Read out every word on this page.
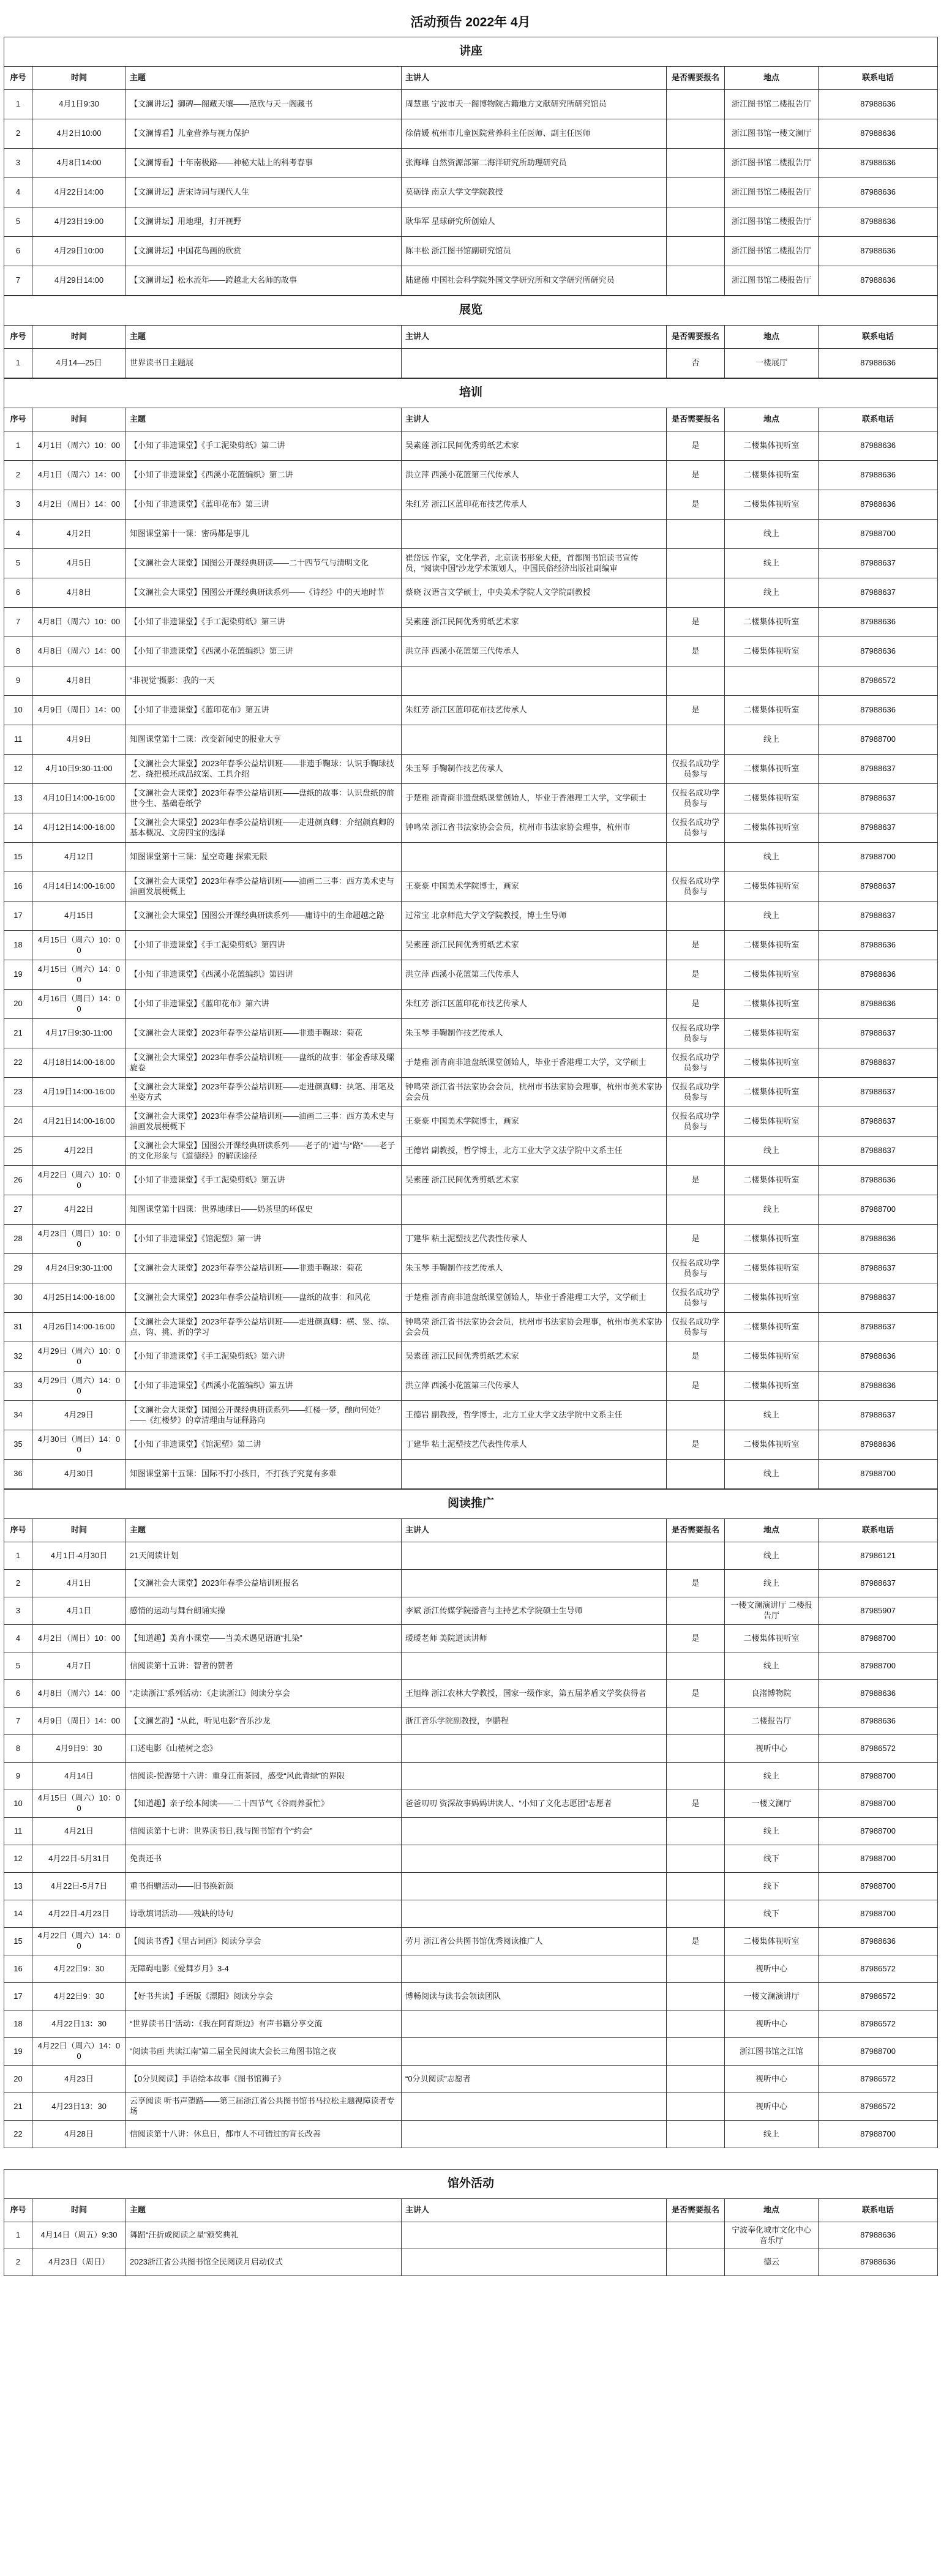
活动预告 2022年 4月
讲座						
序号	时间	主题	主讲人	是否需要报名	地点	联系电话
1	4月1日9:30	【文澜讲坛】御碑—阁藏天壤——范欣与天一阁藏书	周慧惠 宁波市天一阁博物院古籍地方文献研究所研究馆员		浙江图书馆二楼报告厅	87988636
2	4月2日10:00	【文澜博看】儿童营养与视力保护	徐倩媛 杭州市儿童医院营养科主任医师、副主任医师		浙江图书馆一楼文澜厅	87988636
3	4月8日14:00	【文澜博看】十年南极路——神秘大陆上的科考春事	张海峰 自然资源部第二海洋研究所助理研究员		浙江图书馆二楼报告厅	87988636
4	4月22日14:00	【文澜讲坛】唐宋诗词与现代人生	莫砺锋 南京大学文学院教授		浙江图书馆二楼报告厅	87988636
5	4月23日19:00	【文澜讲坛】用地理，打开视野	耿华军 星球研究所创始人		浙江图书馆二楼报告厅	87988636
6	4月29日10:00	【文澜讲坛】中国花鸟画的欣赏	陈丰松 浙江图书馆副研究馆员		浙江图书馆二楼报告厅	87988636
7	4月29日14:00	【文澜讲坛】松水流年——跨越北大名师的故事	陆建德 中国社会科学院外国文学研究所和文学研究所研究员		浙江图书馆二楼报告厅	87988636
展览						
序号	时间	主题	主讲人	是否需要报名	地点	联系电话
1	4月14—25日	世界读书日主题展		否	一楼展厅	87988636
培训						
序号	时间	主题	主讲人	是否需要报名	地点	联系电话
1	4月1日（周六）10：00	【小知了非遗课堂】《手工泥染剪纸》第二讲	吴素莲 浙江民间优秀剪纸艺术家	是	二楼集体视听室	87988636
2	4月1日（周六）14：00	【小知了非遗课堂】《西溪小花篮编织》第二讲	洪立萍 西溪小花篮第三代传承人	是	二楼集体视听室	87988636
3	4月2日（周日）14：00	【小知了非遗课堂】《蓝印花布》第三讲	朱红芳 浙江区蓝印花布技艺传承人	是	二楼集体视听室	87988636
4	4月2日	知图课堂第十一课：密码都是事儿			线上	87988700
5	4月5日	【文澜社会大课堂】国图公开课经典研读——二十四节气与清明文化	崔岱远 作家，文化学者，北京读书形象大使，首都图书馆读书宣传员，“阅读中国”沙龙学术策划人，中国民俗经济出版社副编审		线上	87988637
6	4月8日	【文澜社会大课堂】国图公开课经典研读系列——《诗经》中的天地时节	蔡晓 汉语言文学硕士，中央美术学院人文学院副教授		线上	87988637
7	4月8日（周六）10：00	【小知了非遗课堂】《手工泥染剪纸》第三讲	吴素莲 浙江民间优秀剪纸艺术家	是	二楼集体视听室	87988636
8	4月8日（周六）14：00	【小知了非遗课堂】《西溪小花篮编织》第三讲	洪立萍 西溪小花篮第三代传承人	是	二楼集体视听室	87988636
9	4月8日	“非视觉”摄影：我的一天				87986572
10	4月9日（周日）14：00	【小知了非遗课堂】《蓝印花布》第五讲	朱红芳 浙江区蓝印花布技艺传承人	是	二楼集体视听室	87988636
11	4月9日	知图课堂第十二课：改变新闻史的报业大亨			线上	87988700
12	4月10日9:30-11:00	【文澜社会大课堂】2023年春季公益培训班——非遗手鞠球：认识手鞠球技艺、绕把模坯成品纹案、工具介绍	朱玉琴 手鞠制作技艺传承人	仅报名成功学员参与	二楼集体视听室	87988637
13	4月10日14:00-16:00	【文澜社会大课堂】2023年春季公益培训班——盘纸的故事：认识盘纸的前世今生、基础卷纸学	于楚雅 浙青商非遗盘纸课堂创始人，毕业于香港理工大学，文学硕士	仅报名成功学员参与	二楼集体视听室	87988637
14	4月12日14:00-16:00	【文澜社会大课堂】2023年春季公益培训班——走进颜真卿：介绍颜真卿的基本概况、文房四宝的选择	钟鸣荣 浙江省书法家协会会员，杭州市书法家协会理事，杭州市	仅报名成功学员参与	二楼集体视听室	87988637
15	4月12日	知图课堂第十三课：星空奇趣 探索无限			线上	87988700
16	4月14日14:00-16:00	【文澜社会大课堂】2023年春季公益培训班——油画二三事：西方美术史与油画发展梗概上	王豪豪 中国美术学院博士，画家	仅报名成功学员参与	二楼集体视听室	87988637
17	4月15日	【文澜社会大课堂】国图公开课经典研读系列——庸诗中的生命超越之路	过常宝 北京师范大学文学院教授，博士生导师		线上	87988637
18	4月15日（周六）10：00	【小知了非遗课堂】《手工泥染剪纸》第四讲	吴素莲 浙江民间优秀剪纸艺术家	是	二楼集体视听室	87988636
19	4月15日（周六）14：00	【小知了非遗课堂】《西溪小花篮编织》第四讲	洪立萍 西溪小花篮第三代传承人	是	二楼集体视听室	87988636
20	4月16日（周日）14：00	【小知了非遗课堂】《蓝印花布》第六讲	朱红芳 浙江区蓝印花布技艺传承人	是	二楼集体视听室	87988636
21	4月17日9:30-11:00	【文澜社会大课堂】2023年春季公益培训班——非遗手鞠球：菊花	朱玉琴 手鞠制作技艺传承人	仅报名成功学员参与	二楼集体视听室	87988637
22	4月18日14:00-16:00	【文澜社会大课堂】2023年春季公益培训班——盘纸的故事：郁金香球及螺旋卷	于楚雅 浙青商非遗盘纸课堂创始人，毕业于香港理工大学，文学硕士	仅报名成功学员参与	二楼集体视听室	87988637
23	4月19日14:00-16:00	【文澜社会大课堂】2023年春季公益培训班——走进颜真卿：执笔、用笔及坐姿方式	钟鸣荣 浙江省书法家协会会员，杭州市书法家协会理事，杭州市美术家协会会员	仅报名成功学员参与	二楼集体视听室	87988637
24	4月21日14:00-16:00	【文澜社会大课堂】2023年春季公益培训班——油画二三事：西方美术史与油画发展梗概下	王豪豪 中国美术学院博士，画家	仅报名成功学员参与	二楼集体视听室	87988637
25	4月22日	【文澜社会大课堂】国图公开课经典研读系列——老子的“道”与“路”——老子的文化形象与《道德经》的解读途径	王德岩 副教授，哲学博士，北方工业大学文法学院中文系主任		线上	87988637
26	4月22日（周六）10：00	【小知了非遗课堂】《手工泥染剪纸》第五讲	吴素莲 浙江民间优秀剪纸艺术家	是	二楼集体视听室	87988636
27	4月22日	知图课堂第十四课：世界地球日——奶茶里的环保史			线上	87988700
28	4月23日（周日）10：00	【小知了非遗课堂】《馆泥塑》第一讲	丁建华 粘土泥塑技艺代表性传承人	是	二楼集体视听室	87988636
29	4月24日9:30-11:00	【文澜社会大课堂】2023年春季公益培训班——非遗手鞠球：菊花	朱玉琴 手鞠制作技艺传承人	仅报名成功学员参与	二楼集体视听室	87988637
30	4月25日14:00-16:00	【文澜社会大课堂】2023年春季公益培训班——盘纸的故事：和风花	于楚雅 浙青商非遗盘纸课堂创始人，毕业于香港理工大学，文学硕士	仅报名成功学员参与	二楼集体视听室	87988637
31	4月26日14:00-16:00	【文澜社会大课堂】2023年春季公益培训班——走进颜真卿：横、竖、捺、点、钩、挑、折的学习	钟鸣荣 浙江省书法家协会会员，杭州市书法家协会理事，杭州市美术家协会会员	仅报名成功学员参与	二楼集体视听室	87988637
32	4月29日（周六）10：00	【小知了非遗课堂】《手工泥染剪纸》第六讲	吴素莲 浙江民间优秀剪纸艺术家	是	二楼集体视听室	87988636
33	4月29日（周六）14：00	【小知了非遗课堂】《西溪小花篮编织》第五讲	洪立萍 西溪小花篮第三代传承人	是	二楼集体视听室	87988636
34	4月29日	【文澜社会大课堂】国图公开课经典研读系列——红楼一梦，酿向何处？——《红楼梦》的章清理由与证释路向	王德岩 副教授，哲学博士，北方工业大学文法学院中文系主任		线上	87988637
35	4月30日（周日）14：00	【小知了非遗课堂】《馆泥塑》第二讲	丁建华 粘土泥塑技艺代表性传承人	是	二楼集体视听室	87988636
36	4月30日	知图课堂第十五课：国际不打小孩日，不打孩子究竟有多难			线上	87988700
阅读推广						
序号	时间	主题	主讲人	是否需要报名	地点	联系电话
1	4月1日-4月30日	21天阅读计划			线上	87986121
2	4月1日	【文澜社会大课堂】2023年春季公益培训班报名		是	线上	87988637
3	4月1日	感情的运动与舞台朗诵实操	李斌 浙江传媒学院播音与主持艺术学院硕士生导师		一楼文澜演讲厅 二楼报告厅	87985907
4	4月2日（周日）10：00	【知道趣】美育小课堂——当美术遇见语道“扎染”	瑷瑷老师 美院道读讲师	是	二楼集体视听室	87988700
5	4月7日	信阅读第十五讲：智者的赞者			线上	87988700
6	4月8日（周六）14：00	“走读浙江”系列活动：《走读浙江》阅读分享会	王旭烽 浙江农林大学教授，国家一级作家，第五届茅盾文学奖获得者	是	良渚博物院	87988636
7	4月9日（周日）14：00	【文澜艺韵】“从此，听见电影”音乐沙龙	浙江音乐学院副教授，李鹏程		二楼报告厅	87988636
8	4月9日9：30	口述电影《山楂树之恋》			视听中心	87986572
9	4月14日	信阅读-悦游第十六讲：重身江南茶园，感受“风此青绿”的界限			线上	87988700
10	4月15日（周六）10：00	【知道趣】亲子绘本阅读——二十四节气《谷雨养蚕忙》	爸爸叨叨 资深故事妈妈讲读人、“小知了文化志愿团”志愿者	是	一楼文澜厅	87988700
11	4月21日	信阅读第十七讲：世界读书日,我与图书馆有个“约会”			线上	87988700
12	4月22日-5月31日	免责还书			线下	87988700
13	4月22日-5月7日	重书捐赠活动——旧书换新颜			线下	87988700
14	4月22日-4月23日	诗歌填词活动——残缺的诗句			线下	87988700
15	4月22日（周六）14：00	【阅读书香】《里古词画》阅读分享会	劳月 浙江省公共图书馆优秀阅读推广人	是	二楼集体视听室	87988636
16	4月22日9：30	无障碍电影《爱舞岁月》3-4			视听中心	87986572
17	4月22日9：30	【好书共读】手语版《漂阳》阅读分享会	博畅阅读与读书会领读团队		一楼文澜演讲厅	87986572
18	4月22日13：30	“世界读书日”活动：《我在阿育斯边》有声书籍分享交流			视听中心	87986572
19	4月22日（周六）14：00	“阅读书画 共读江南”第二届全民阅读大会长三角图书馆之夜			浙江图书馆之江馆	87988700
20	4月23日	【0分贝阅读】手语绘本故事《图书馆狮子》	“0分贝阅读”志愿者		视听中心	87986572
21	4月23日13：30	云享阅读 听书声塑路——第三届浙江省公共图书馆书马拉松主题视障读者专场			视听中心	87986572
22	4月28日	信阅读第十八讲：休息日，都市人不可错过的宵长改善			线上	87988700
馆外活动						
序号	时间	主题	主讲人	是否需要报名	地点	联系电话
1	4月14日（周五）9:30	舞蹈“汪折或阅读之星”颁奖典礼			宁波奉化城市文化中心音乐厅	87988636
2	4月23日（周日）	2023浙江省公共图书馆全民阅读月启动仪式			德云	87988636
